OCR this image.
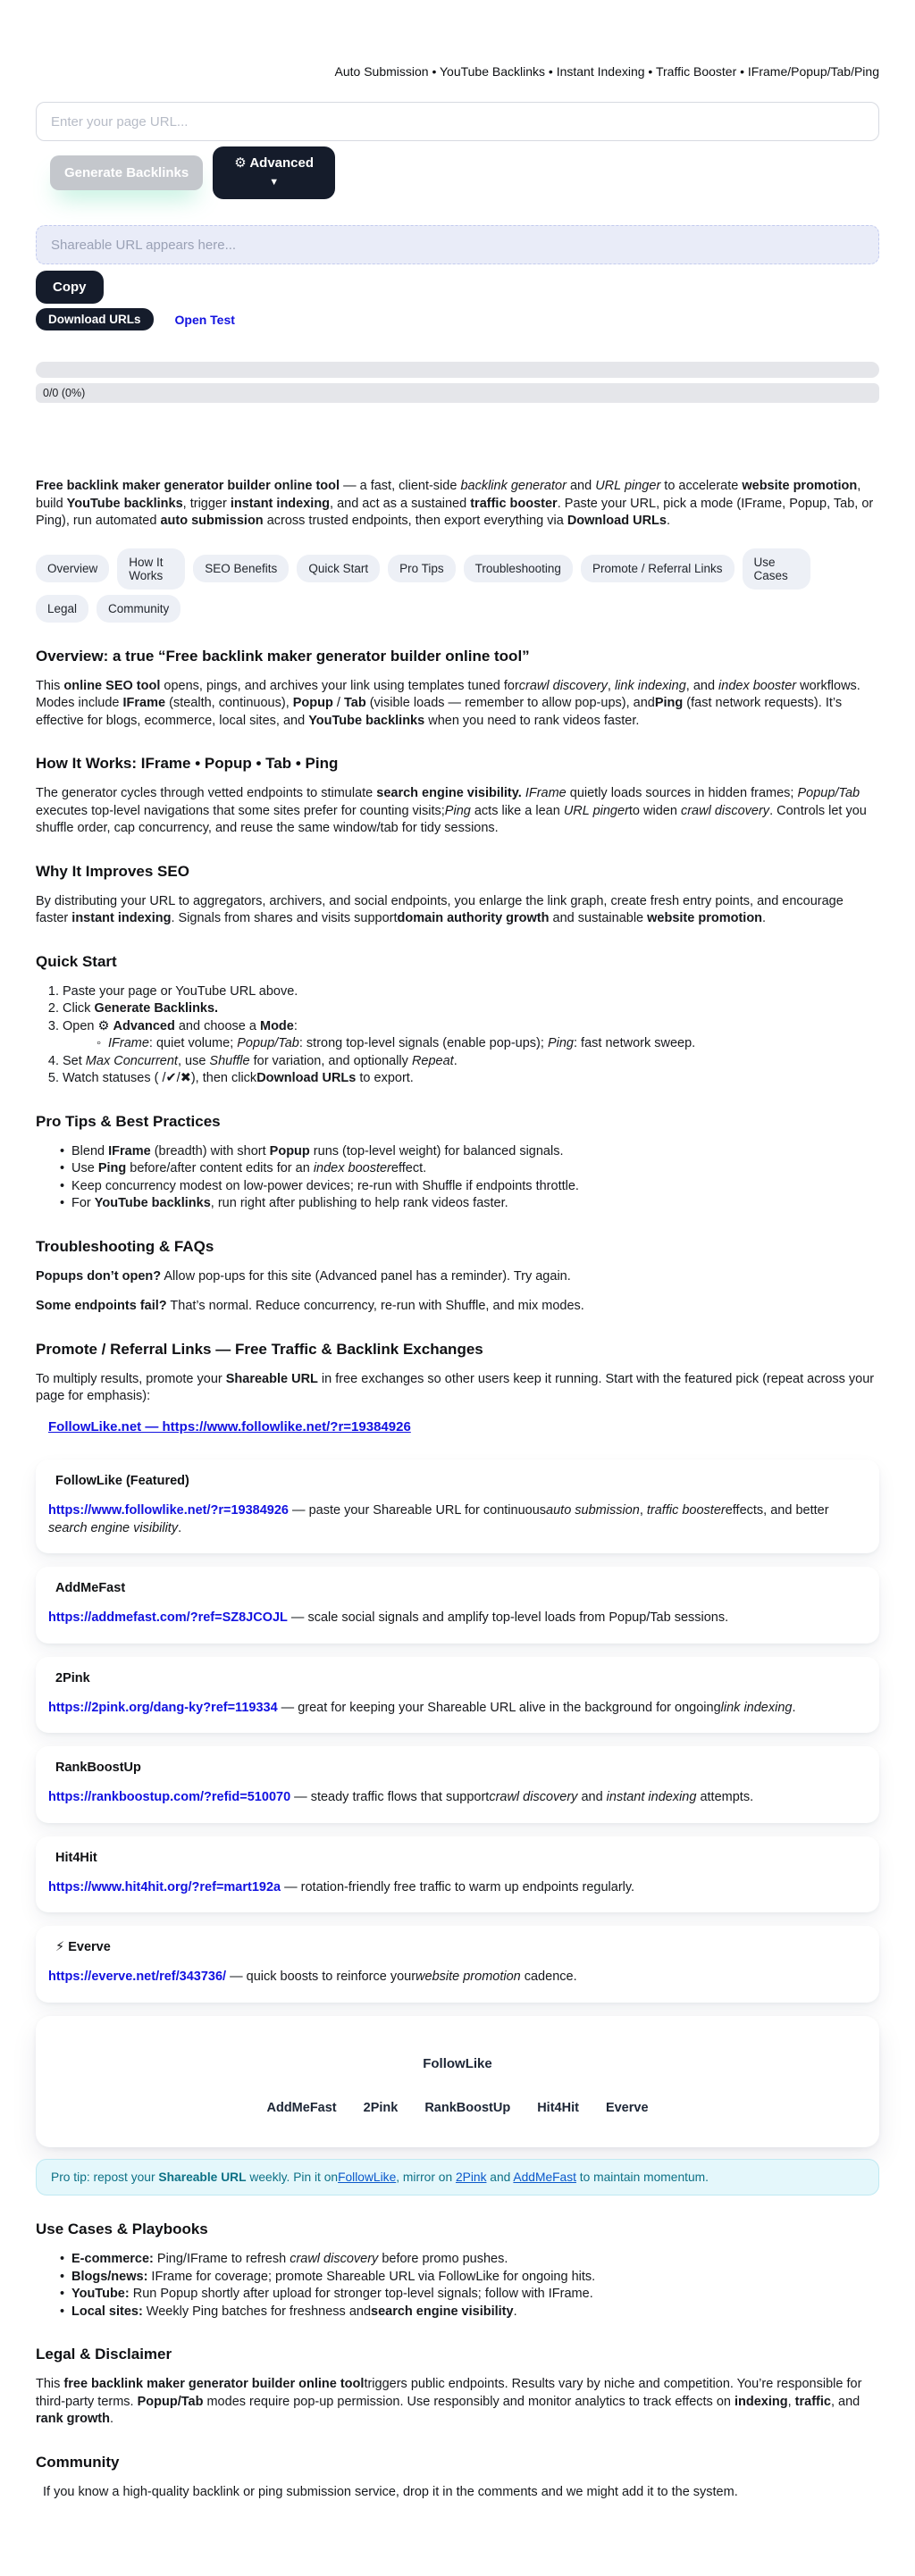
Auto Submission • YouTube Backlinks • Instant Indexing • Traffic Booster • IFrame/Popup/Tab/Ping

Enter your page URL...
Generate Backlinks
⚙ Advanced
▼
Shareable URL appears here...
Copy
Download URLs	Open Test
0/0 (0%)

Free backlink maker generator builder online tool — a fast, client-side backlink generator and URL pinger to accelerate website promotion, build YouTube backlinks, trigger instant indexing, and act as a sustained traffic booster. Paste your URL, pick a mode (IFrame, Popup, Tab, or Ping), run automated auto submission across trusted endpoints, then export everything via Download URLs.

Overview	How It Works	SEO Benefits	Quick Start	Pro Tips	Troubleshooting	Promote / Referral Links	Use Cases
Legal	Community
Overview: a true “Free backlink maker generator builder online tool”

This online SEO tool opens, pings, and archives your link using templates tuned forcrawl discovery, link indexing, and index booster workflows. Modes include IFrame (stealth, continuous), Popup / Tab (visible loads — remember to allow pop-ups), andPing (fast network requests). It’s effective for blogs, ecommerce, local sites, and YouTube backlinks when you need to rank videos faster.

How It Works: IFrame • Popup • Tab • Ping

The generator cycles through vetted endpoints to stimulate search engine visibility. IFrame quietly loads sources in hidden frames; Popup/Tab executes top-level navigations that some sites prefer for counting visits;Ping acts like a lean URL pingerto widen crawl discovery. Controls let you shuffle order, cap concurrency, and reuse the same window/tab for tidy sessions.

Why It Improves SEO

By distributing your URL to aggregators, archivers, and social endpoints, you enlarge the link graph, create fresh entry points, and encourage faster instant indexing. Signals from shares and visits supportdomain authority growth and sustainable website promotion.

Quick Start
1. Paste your page or YouTube URL above.
2. Click Generate Backlinks.
3. Open ⚙ Advanced and choose a Mode:
◦ IFrame: quiet volume; Popup/Tab: strong top-level signals (enable pop-ups); Ping: fast network sweep.
4. Set Max Concurrent, use Shuffle for variation, and optionally Repeat.
5. Watch statuses ( /✔/✖), then clickDownload URLs to export.
Pro Tips & Best Practices
• Blend IFrame (breadth) with short Popup runs (top-level weight) for balanced signals.
• Use Ping before/after content edits for an index boostereffect.
• Keep concurrency modest on low-power devices; re-run with Shuffle if endpoints throttle.
• For YouTube backlinks, run right after publishing to help rank videos faster.
Troubleshooting & FAQs

Popups don’t open? Allow pop-ups for this site (Advanced panel has a reminder). Try again.

Some endpoints fail? That’s normal. Reduce concurrency, re-run with Shuffle, and mix modes.

Promote / Referral Links — Free Traffic & Backlink Exchanges

To multiply results, promote your Shareable URL in free exchanges so other users keep it running. Start with the featured pick (repeat across your page for emphasis):

FollowLike.net — https://www.followlike.net/?r=19384926

FollowLike (Featured)

https://www.followlike.net/?r=19384926 — paste your Shareable URL for continuousauto submission, traffic boostereffects, and better search engine visibility.

AddMeFast

https://addmefast.com/?ref=SZ8JCOJL — scale social signals and amplify top-level loads from Popup/Tab sessions.

2Pink

https://2pink.org/dang-ky?ref=119334 — great for keeping your Shareable URL alive in the background for ongoinglink indexing.

RankBoostUp

https://rankboostup.com/?refid=510070 — steady traffic flows that supportcrawl discovery and instant indexing attempts.

Hit4Hit

https://www.hit4hit.org/?ref=mart192a — rotation-friendly free traffic to warm up endpoints regularly.

⚡ Everve

https://everve.net/ref/343736/ — quick boosts to reinforce yourwebsite promotion cadence.

FollowLike

AddMeFast 2Pink RankBoostUp Hit4Hit Everve

Pro tip: repost your Shareable URL weekly. Pin it onFollowLike, mirror on 2Pink and AddMeFast to maintain momentum.

Use Cases & Playbooks
• E-commerce: Ping/IFrame to refresh crawl discovery before promo pushes.
• Blogs/news: IFrame for coverage; promote Shareable URL via FollowLike for ongoing hits.
• YouTube: Run Popup shortly after upload for stronger top-level signals; follow with IFrame.
• Local sites: Weekly Ping batches for freshness andsearch engine visibility.
Legal & Disclaimer

This free backlink maker generator builder online tooltriggers public endpoints. Results vary by niche and competition. You’re responsible for third-party terms. Popup/Tab modes require pop-up permission. Use responsibly and monitor analytics to track effects on indexing, traffic, and rank growth.

Community

If you know a high-quality backlink or ping submission service, drop it in the comments and we might add it to the system.
